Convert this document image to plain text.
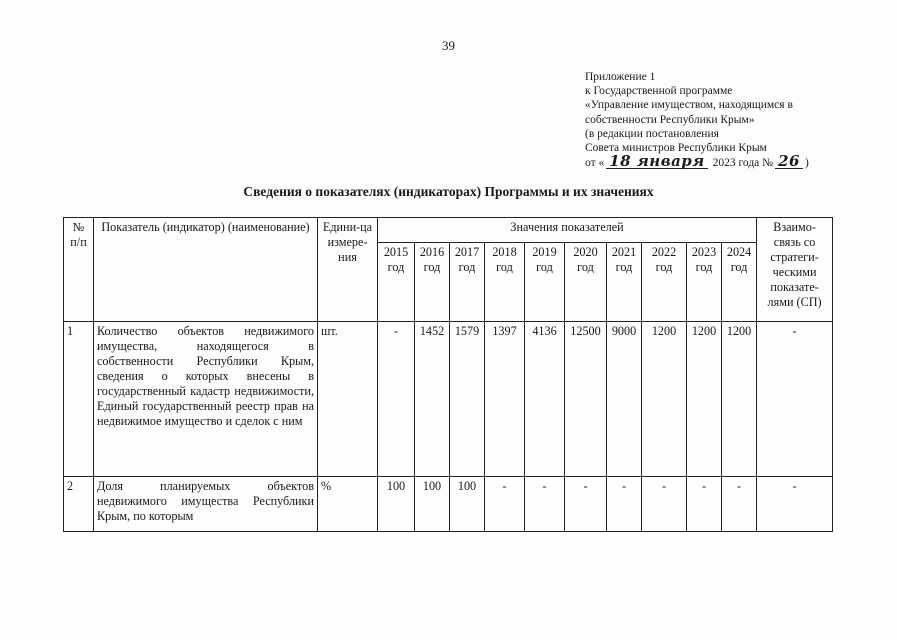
39
Приложение 1
к Государственной программе
«Управление имуществом, находящимся в
собственности Республики Крым»
(в редакции постановления
Совета министров Республики Крым
от « 18 января 2023 года № 26 )
Сведения о показателях (индикаторах) Программы и их значениях
№ п/п	Показатель (индикатор) (наименование)	Едини-ца измере-ния	Значения показателей										Взаимо-связь со стратеги-ческими показате-лями (СП)
			2015 год	2016 год	2017 год	2018 год	2019 год	2020 год	2021 год	2022 год	2023 год	2024 год	
1	Количество объектов недвижимого имущества, находящегося в собственности Республики Крым, сведения о которых внесены в государственный кадастр недвижимости, Единый государственный реестр прав на недвижимое имущество и сделок с ним	шт.	-	1452	1579	1397	4136	12500	9000	1200	1200	1200	-
2	Доля планируемых объектов недвижимого имущества Республики Крым, по которым	%	100	100	100	-	-	-	-	-	-	-	-
